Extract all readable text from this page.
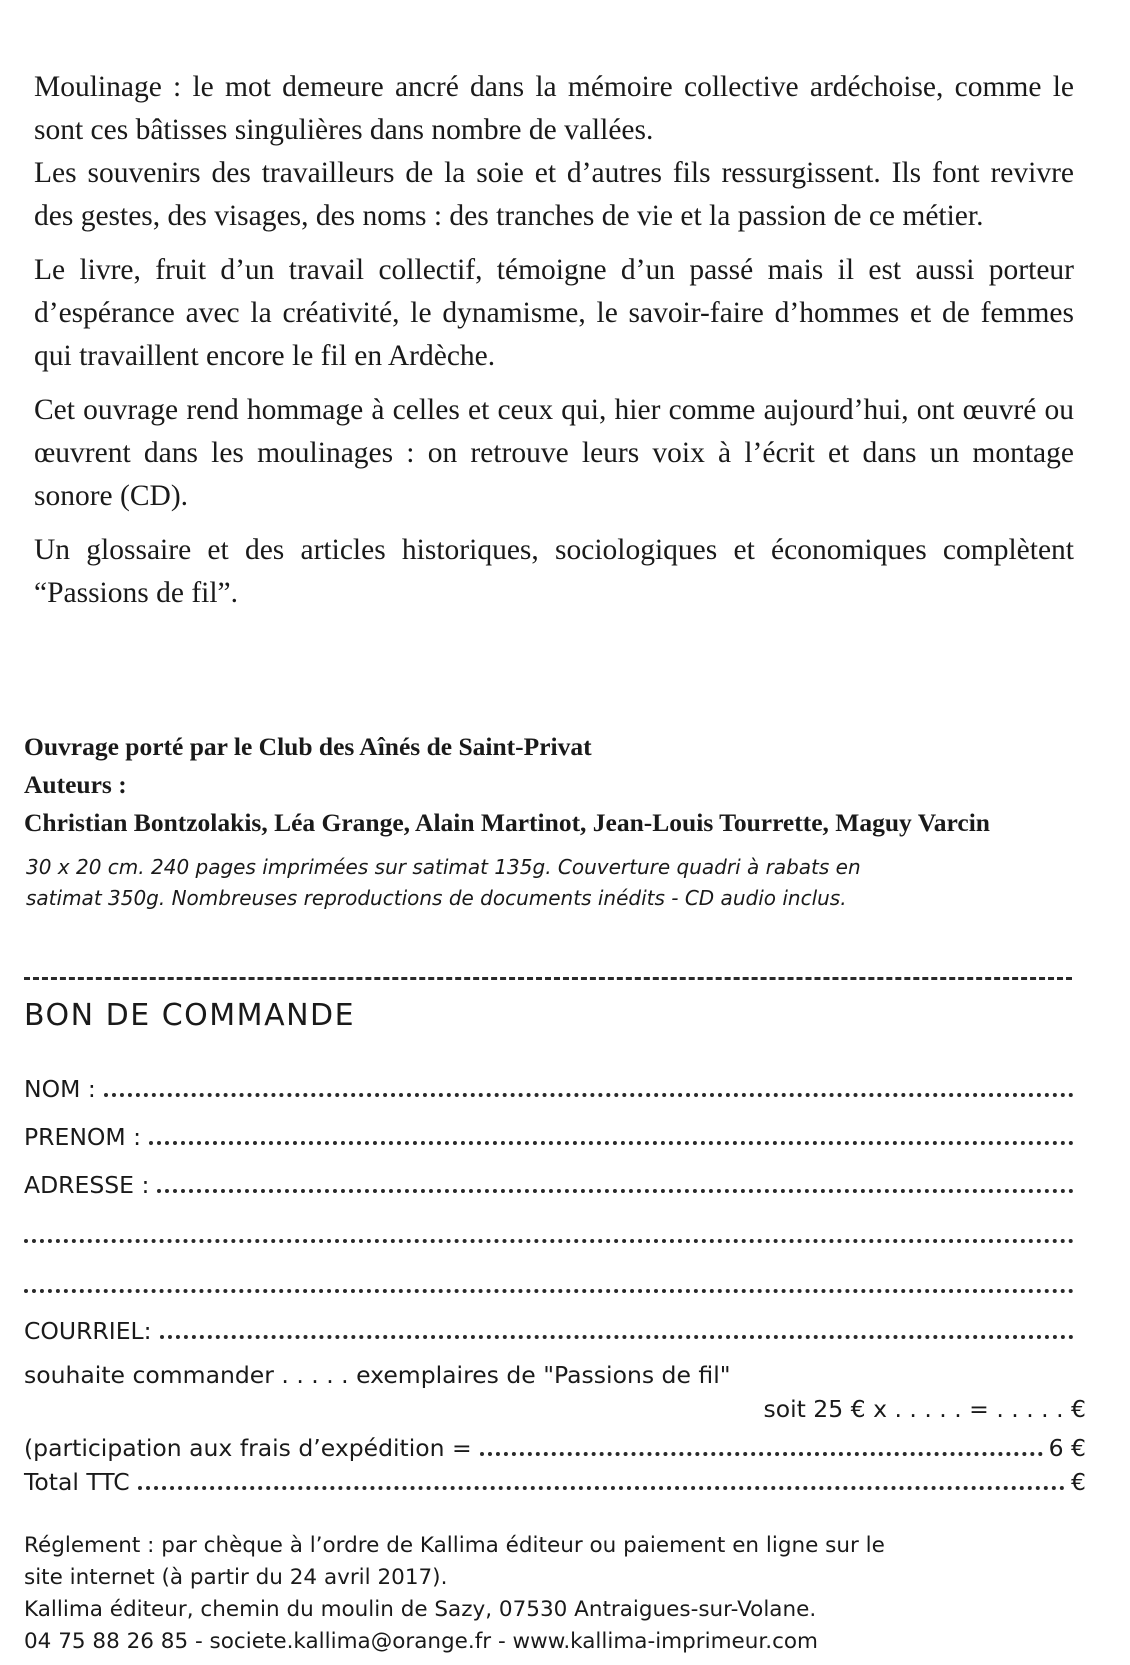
Moulinage : le mot demeure ancré dans la mémoire collective ardéchoise, comme le sont ces bâtisses singulières dans nombre de vallées.
Les souvenirs des travailleurs de la soie et d’autres fils ressurgissent. Ils font revivre des gestes, des visages, des noms : des tranches de vie et la passion de ce métier.

Le livre, fruit d’un travail collectif, témoigne d’un passé mais il est aussi porteur d’espérance avec la créativité, le dynamisme, le savoir-faire d’hommes et de femmes qui travaillent encore le fil en Ardèche.

Cet ouvrage rend hommage à celles et ceux qui, hier comme aujourd’hui, ont œuvré ou œuvrent dans les moulinages : on retrouve leurs voix à l’écrit et dans un montage sonore (CD).

Un glossaire et des articles historiques, sociologiques et économiques complètent “Passions de fil”.

Ouvrage porté par le Club des Aînés de Saint-Privat
Auteurs :
Christian Bontzolakis, Léa Grange, Alain Martinot, Jean-Louis Tourrette, Maguy Varcin
30 x 20 cm. 240 pages imprimées sur satimat 135g. Couverture quadri à rabats en
satimat 350g. Nombreuses reproductions de documents inédits - CD audio inclus.
BON DE COMMANDE
NOM :
PRENOM :
ADRESSE :
COURRIEL:
souhaite commander . . . . . exemplaires de "Passions de fil"
soit 25 € x . . . . . = . . . . . €
(participation aux frais d’expédition =	6 €
Total TTC	€
Réglement : par chèque à l’ordre de Kallima éditeur ou paiement en ligne sur le
site internet (à partir du 24 avril 2017).
Kallima éditeur, chemin du moulin de Sazy, 07530 Antraigues-sur-Volane.
04 75 88 26 85 - societe.kallima@orange.fr - www.kallima-imprimeur.com
